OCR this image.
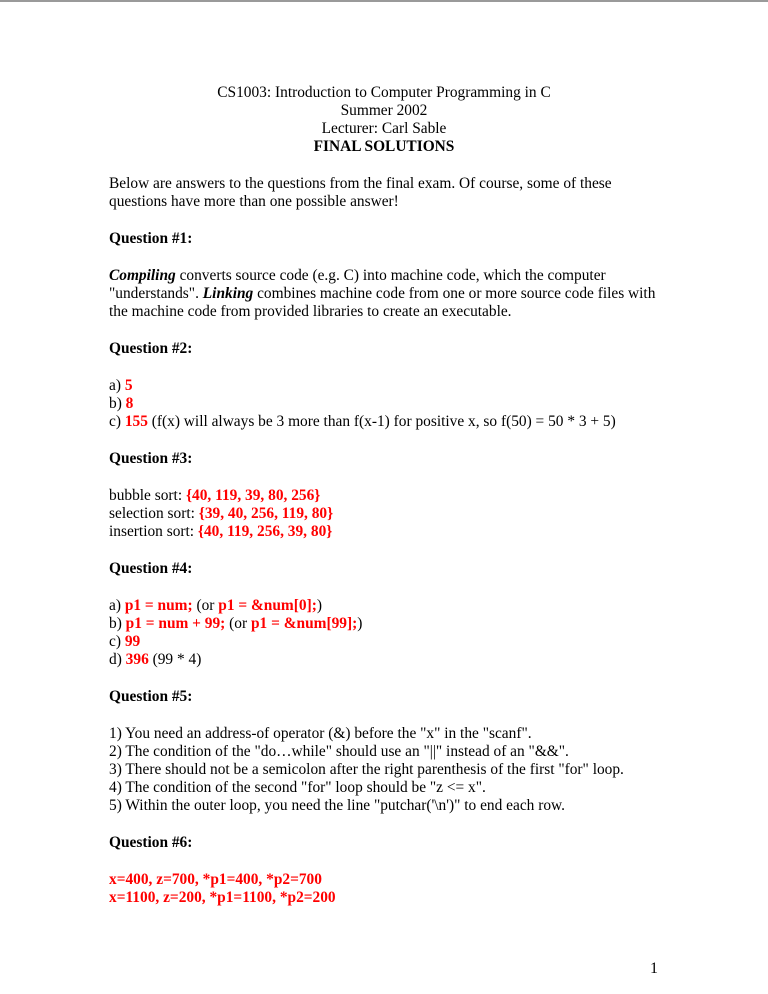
CS1003: Introduction to Computer Programming in C
Summer 2002
Lecturer: Carl Sable
FINAL SOLUTIONS
Below are answers to the questions from the final exam. Of course, some of these
questions have more than one possible answer!
Question #1:
Compiling converts source code (e.g. C) into machine code, which the computer
"understands". Linking combines machine code from one or more source code files with
the machine code from provided libraries to create an executable.
Question #2:
a) 5
b) 8
c) 155 (f(x) will always be 3 more than f(x-1) for positive x, so f(50) = 50 * 3 + 5)
Question #3:
bubble sort: {40, 119, 39, 80, 256}
selection sort: {39, 40, 256, 119, 80}
insertion sort: {40, 119, 256, 39, 80}
Question #4:
a) p1 = num; (or p1 = &num[0];)
b) p1 = num + 99; (or p1 = &num[99];)
c) 99
d) 396 (99 * 4)
Question #5:
1) You need an address-of operator (&) before the "x" in the "scanf".
2) The condition of the "do…while" should use an "||" instead of an "&&".
3) There should not be a semicolon after the right parenthesis of the first "for" loop.
4) The condition of the second "for" loop should be "z <= x".
5) Within the outer loop, you need the line "putchar('\n')" to end each row.
Question #6:
x=400, z=700, *p1=400, *p2=700
x=1100, z=200, *p1=1100, *p2=200
1
